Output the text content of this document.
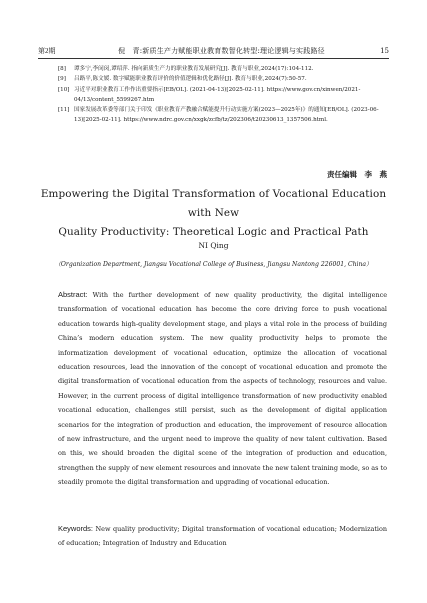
第2期	倪　青:新质生产力赋能职业教育数智化转型:理论逻辑与实践路径	15
[8]	谭多宁,李闵闵,谭绍萍. 指向新质生产力的职业教育发展研究[J]. 教育与职业,2024(17):104-112.
[9]	吕路平,陈文媛. 数字赋能职业教育评价的价值逻辑和优化路径[J]. 教育与职业,2024(7):50-57.
[10] 习近平对职业教育工作作出重要指示[EB/OL]. (2021-04-13)[2025-02-11]. https://www.gov.cn/xinwen/2021-04/13/content_5599267.htm
[11] 国家发展改革委等部门关于印发《职业教育产教融合赋能提升行动实施方案(2023—2025年)》的通知[EB/OL]. (2023-06-13)[2025-02-11]. https://www.ndrc.gov.cn/xxgk/zcfb/tz/202306/t20230613_1357506.html.
责任编辑　李　燕
Empowering the Digital Transformation of Vocational Education with New
Quality Productivity: Theoretical Logic and Practical Path
NI Qing
（Organization Department, Jiangsu Vocational College of Business, Jiangsu Nantong 226001, China）
Abstract: With the further development of new quality productivity, the digital intelligence transformation of vocational education has become the core driving force to push vocational education towards high-quality development stage, and plays a vital role in the process of building China’s modern education system. The new quality productivity helps to promote the informatization development of vocational education, optimize the allocation of vocational education resources, lead the innovation of the concept of vocational education and promote the digital transformation of vocational education from the aspects of technology, resources and value. However, in the current process of digital intelligence transformation of new productivity enabled vocational education, challenges still persist, such as the development of digital application scenarios for the integration of production and education, the improvement of resource allocation of new infrastructure, and the urgent need to improve the quality of new talent cultivation. Based on this, we should broaden the digital scene of the integration of production and education, strengthen the supply of new element resources and innovate the new talent training mode, so as to steadily promote the digital transformation and upgrading of vocational education.
Keywords: New quality productivity; Digital transformation of vocational education; Modernization of education; Integration of Industry and Education
